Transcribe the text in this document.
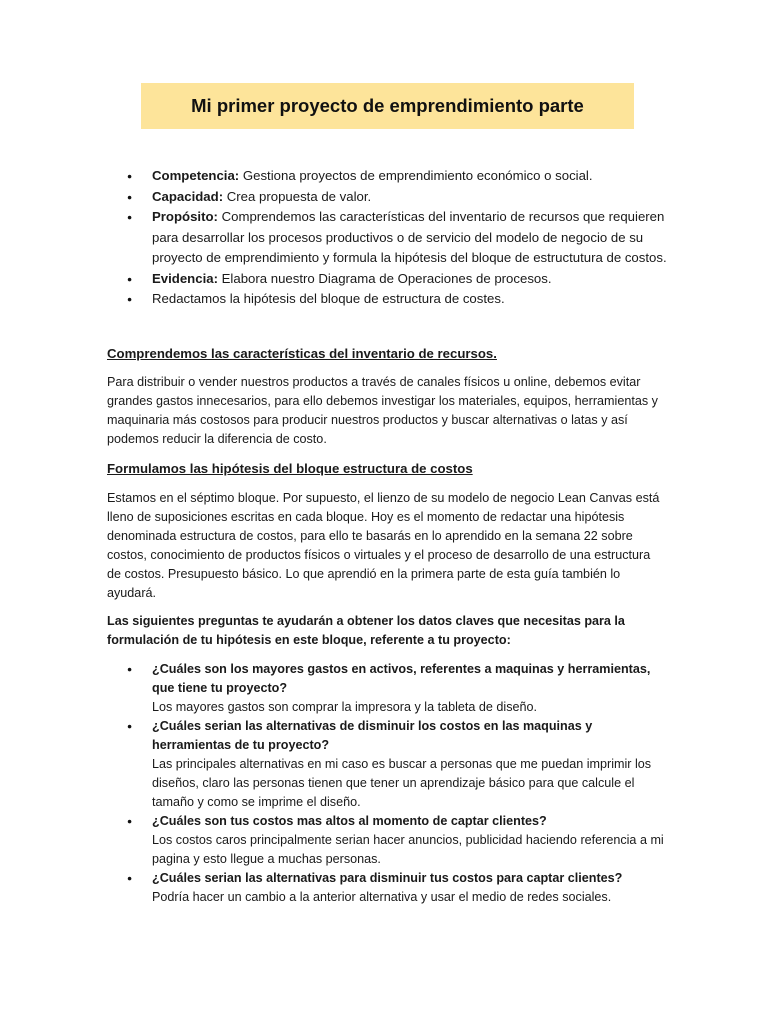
Mi primer proyecto de emprendimiento parte
● Competencia: Gestiona proyectos de emprendimiento económico o social.
● Capacidad: Crea propuesta de valor.
● Propósito: Comprendemos las características del inventario de recursos que requieren para desarrollar los procesos productivos o de servicio del modelo de negocio de su proyecto de emprendimiento y formula la hipótesis del bloque de estructutura de costos.
● Evidencia: Elabora nuestro Diagrama de Operaciones de procesos.
● Redactamos la hipótesis del bloque de estructura de costes.
Comprendemos las características del inventario de recursos.

Para distribuir o vender nuestros productos a través de canales físicos u online, debemos evitar grandes gastos innecesarios, para ello debemos investigar los materiales, equipos, herramientas y maquinaria más costosos para producir nuestros productos y buscar alternativas o latas y así podemos reducir la diferencia de costo.

Formulamos las hipótesis del bloque estructura de costos

Estamos en el séptimo bloque. Por supuesto, el lienzo de su modelo de negocio Lean Canvas está lleno de suposiciones escritas en cada bloque. Hoy es el momento de redactar una hipótesis denominada estructura de costos, para ello te basarás en lo aprendido en la semana 22 sobre costos, conocimiento de productos físicos o virtuales y el proceso de desarrollo de una estructura de costos. Presupuesto básico. Lo que aprendió en la primera parte de esta guía también lo ayudará.

Las siguientes preguntas te ayudarán a obtener los datos claves que necesitas para la formulación de tu hipótesis en este bloque, referente a tu proyecto:

● ¿Cuáles son los mayores gastos en activos, referentes a maquinas y herramientas, que tiene tu proyecto?
Los mayores gastos son comprar la impresora y la tableta de diseño.
● ¿Cuáles serian las alternativas de disminuir los costos en las maquinas y herramientas de tu proyecto?
Las principales alternativas en mi caso es buscar a personas que me puedan imprimir los diseños, claro las personas tienen que tener un aprendizaje básico para que calcule el tamaño y como se imprime el diseño.
● ¿Cuáles son tus costos mas altos al momento de captar clientes?
Los costos caros principalmente serian hacer anuncios, publicidad haciendo referencia a mi pagina y esto llegue a muchas personas.
● ¿Cuáles serian las alternativas para disminuir tus costos para captar clientes?
Podría hacer un cambio a la anterior alternativa y usar el medio de redes sociales.
